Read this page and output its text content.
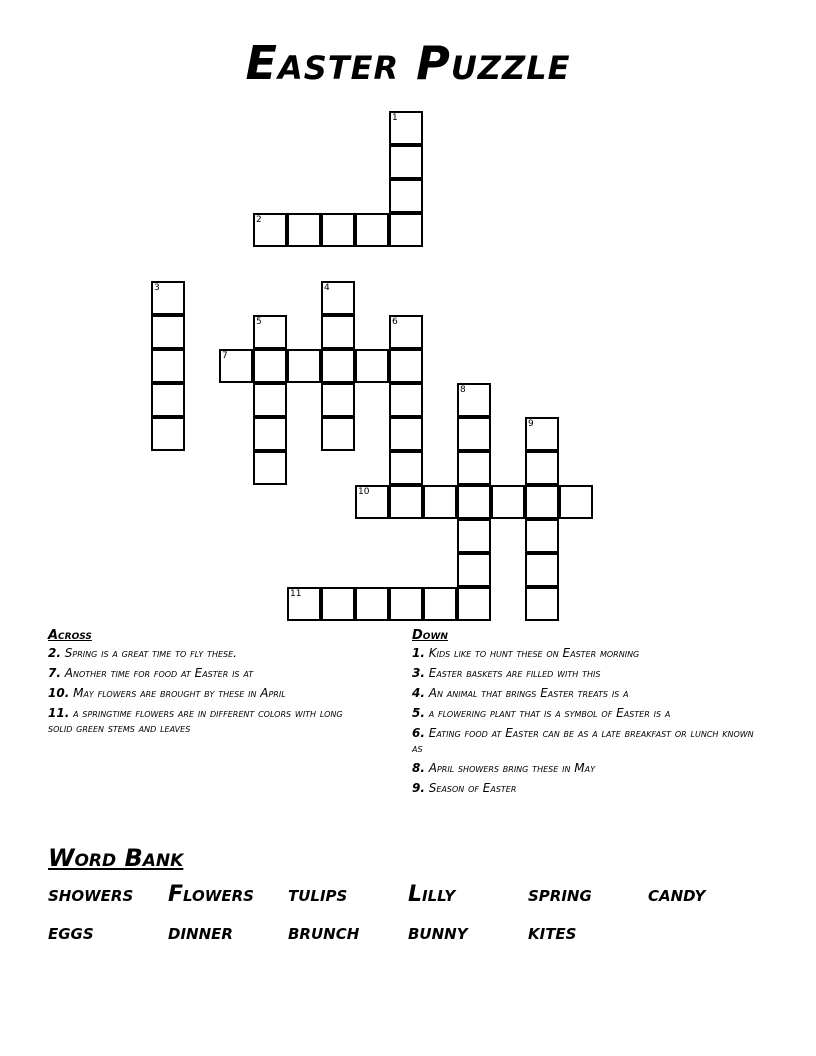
Easter Puzzle
1
2
3	4
5	6
7
8
9
10
11
Across
2. Spring is a great time to fly these.
7. Another time for food at Easter is at
10. May flowers are brought by these in April
11. a springtime flowers are in different colors with long solid green stems and leaves
Down
1. Kids like to hunt these on Easter morning
3. Easter baskets are filled with this
4. An animal that brings Easter treats is a
5. a flowering plant that is a symbol of Easter is a
6. Eating food at Easter can be as a late breakfast or lunch known as
8. April showers bring these in May
9. Season of Easter
Word Bank
showers	Flowers	tulips	Lilly	spring	candy
eggs	dinner	brunch	bunny	kites
